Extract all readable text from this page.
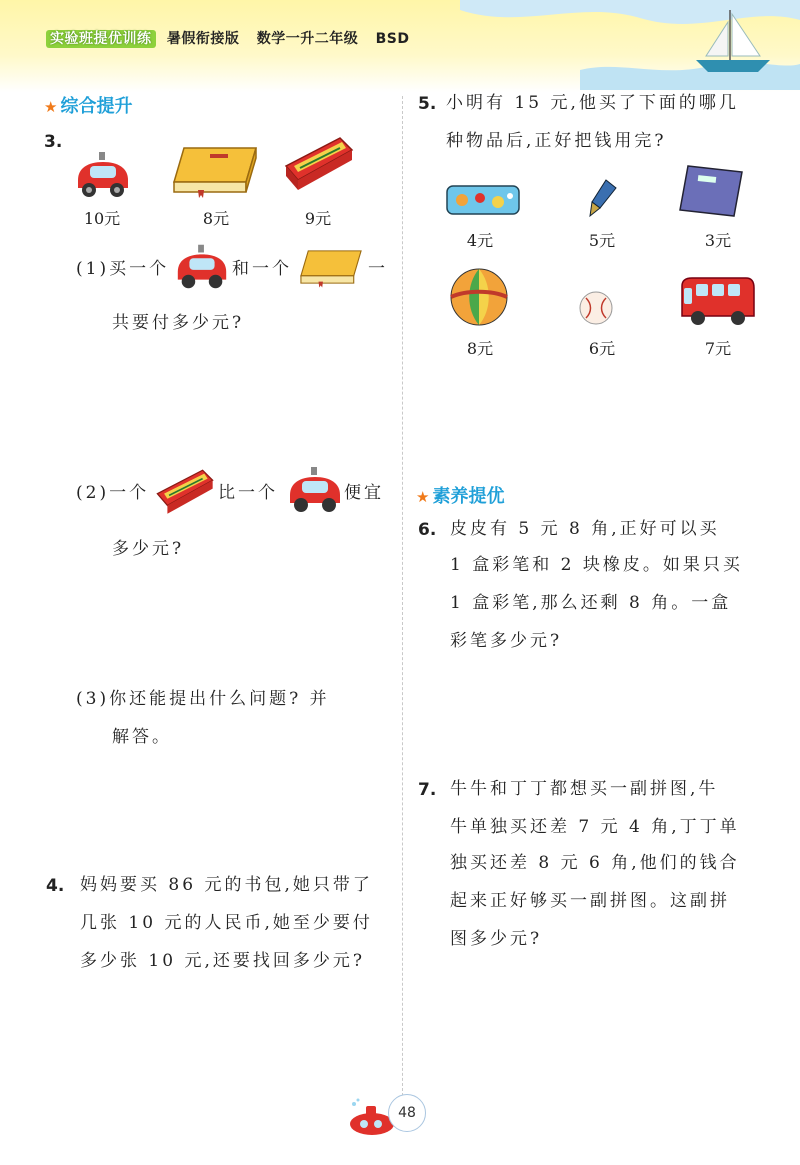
实验班提优训练 暑假衔接版 数学一升二年级 BSD
★ 综合提升
3.
10元	8元	9元
(1)买一个	和一个	一
共要付多少元?
(2)一个	比一个	便宜
多少元?
(3)你还能提出什么问题? 并
解答。
4. 妈妈要买 86 元的书包,她只带了
几张 10 元的人民币,她至少要付
多少张 10 元,还要找回多少元?
5. 小明有 15 元,他买了下面的哪几
种物品后,正好把钱用完?
4元	5元	3元
8元	6元	7元
★ 素养提优
6. 皮皮有 5 元 8 角,正好可以买
1 盒彩笔和 2 块橡皮。如果只买
1 盒彩笔,那么还剩 8 角。一盒
彩笔多少元?
7. 牛牛和丁丁都想买一副拼图,牛
牛单独买还差 7 元 4 角,丁丁单
独买还差 8 元 6 角,他们的钱合
起来正好够买一副拼图。这副拼
图多少元?
48
